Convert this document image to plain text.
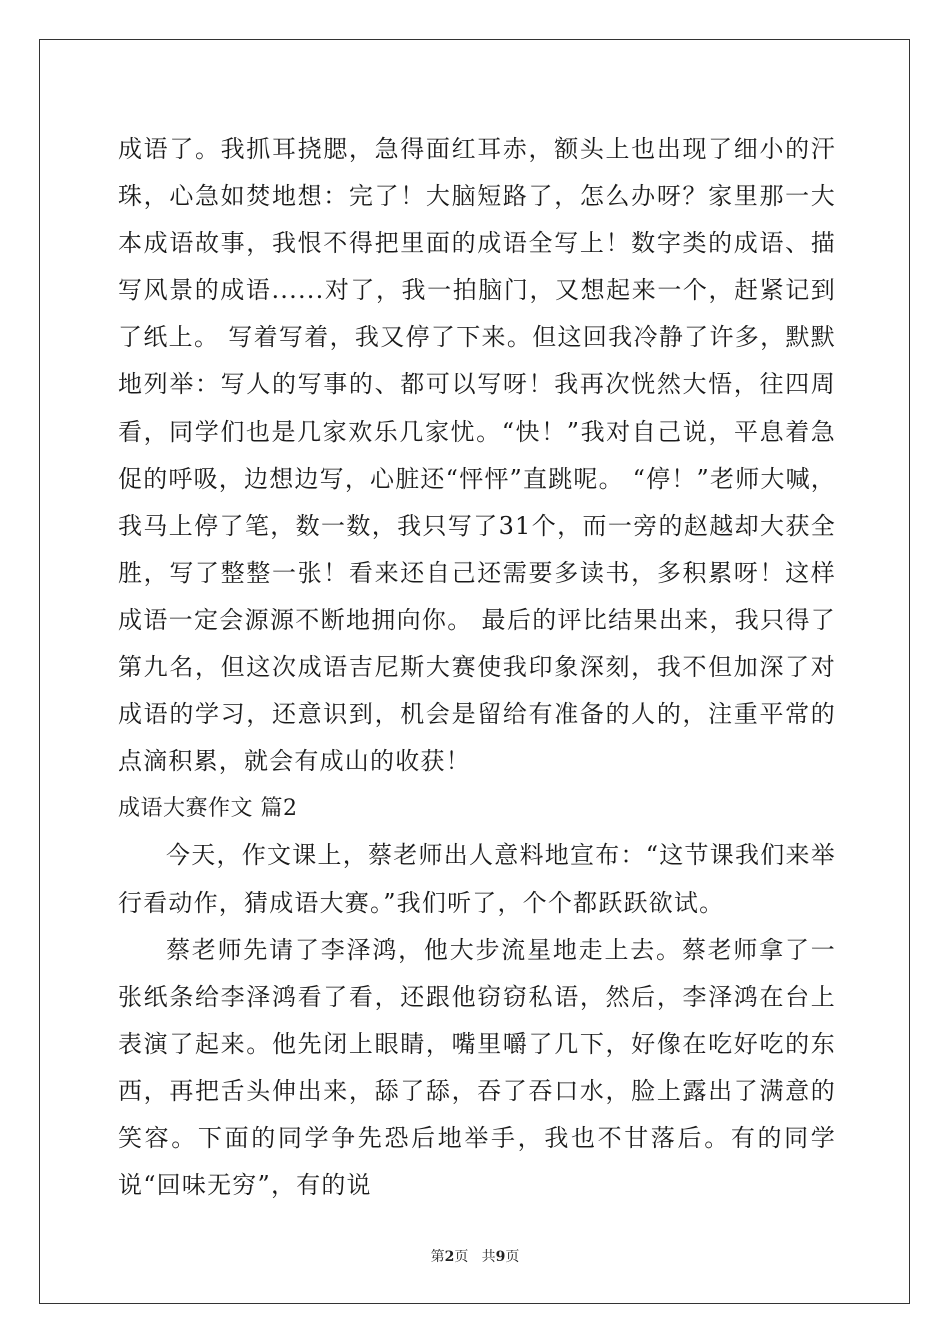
成语了。我抓耳挠腮，急得面红耳赤，额头上也出现了细小的汗珠，心急如焚地想：完了！大脑短路了，怎么办呀？家里那一大本成语故事，我恨不得把里面的成语全写上！数字类的成语、描写风景的成语......对了，我一拍脑门，又想起来一个，赶紧记到了纸上。 写着写着，我又停了下来。但这回我冷静了许多，默默地列举：写人的写事的、都可以写呀！我再次恍然大悟，往四周看，同学们也是几家欢乐几家忧。“快！”我对自己说，平息着急促的呼吸，边想边写，心脏还“怦怦”直跳呢。 “停！”老师大喊，我马上停了笔，数一数，我只写了31个，而一旁的赵越却大获全胜，写了整整一张！看来还自己还需要多读书，多积累呀！这样成语一定会源源不断地拥向你。 最后的评比结果出来，我只得了第九名，但这次成语吉尼斯大赛使我印象深刻，我不但加深了对成语的学习，还意识到，机会是留给有准备的人的，注重平常的点滴积累，就会有成山的收获！

成语大赛作文 篇2

今天，作文课上，蔡老师出人意料地宣布：“这节课我们来举行看动作，猜成语大赛。”我们听了，个个都跃跃欲试。

蔡老师先请了李泽鸿，他大步流星地走上去。蔡老师拿了一张纸条给李泽鸿看了看，还跟他窃窃私语，然后，李泽鸿在台上表演了起来。他先闭上眼睛，嘴里嚼了几下，好像在吃好吃的东西，再把舌头伸出来，舔了舔，吞了吞口水，脸上露出了满意的笑容。下面的同学争先恐后地举手，我也不甘落后。有的同学说“回味无穷”，有的说

第2页 共9页
